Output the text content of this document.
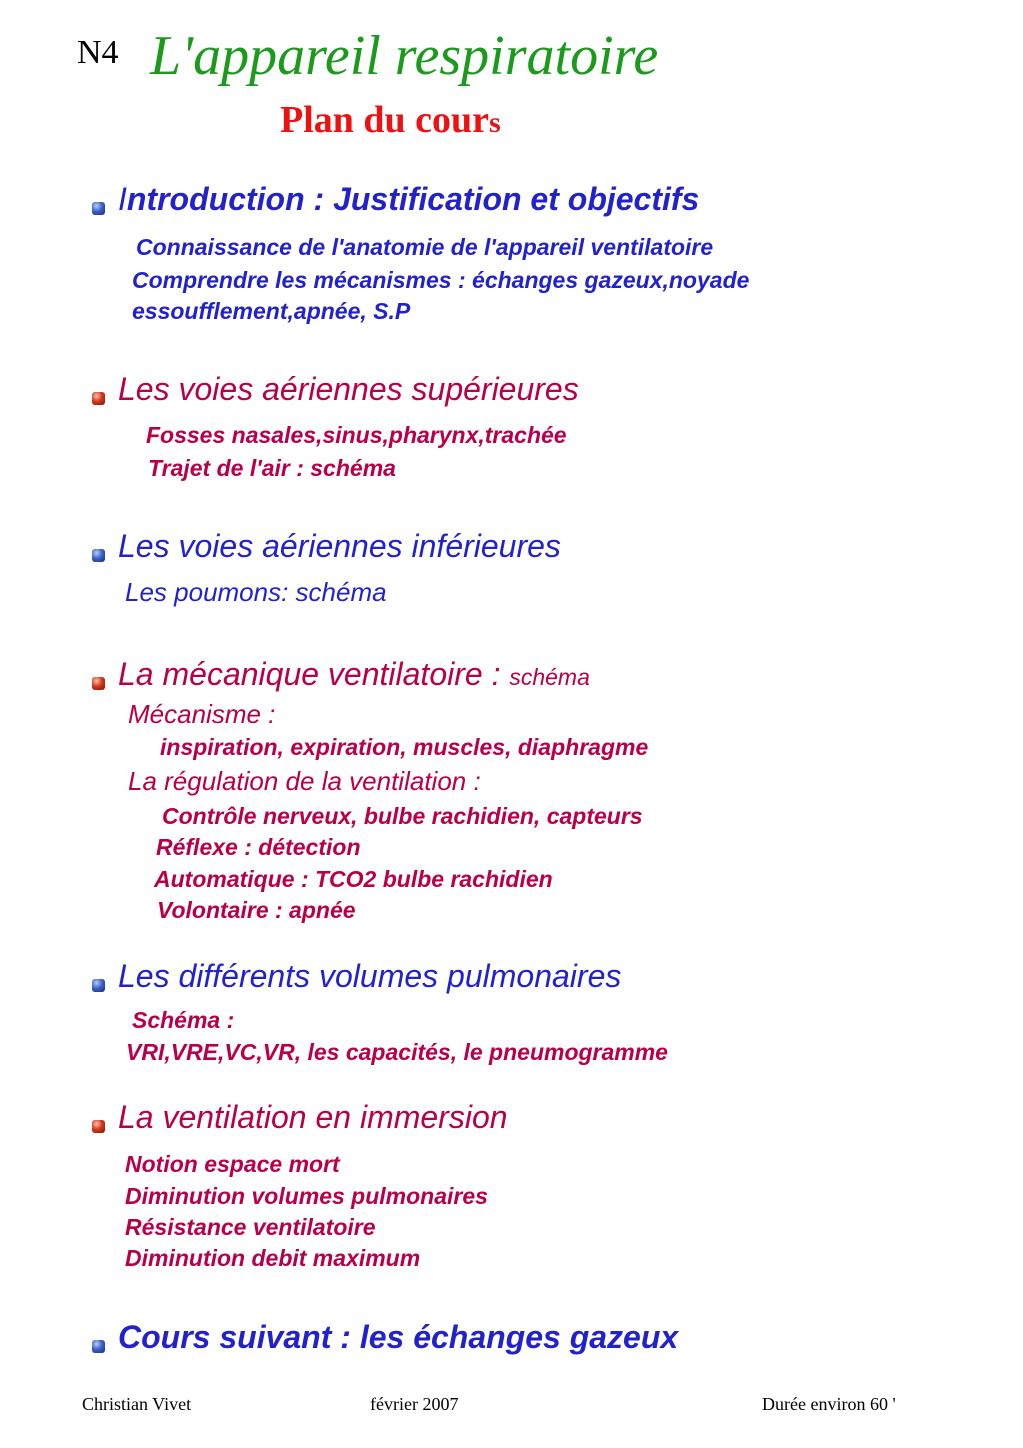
N4 L'appareil respiratoire
Plan du cours
Introduction : Justification et objectifs
Connaissance de l'anatomie de l'appareil ventilatoire
Comprendre les mécanismes : échanges gazeux,noyade
essoufflement,apnée, S.P
Les voies aériennes supérieures
Fosses nasales,sinus,pharynx,trachée
Trajet de l'air : schéma
Les voies aériennes inférieures
Les poumons: schéma
La mécanique ventilatoire : schéma
Mécanisme :
inspiration, expiration, muscles, diaphragme
La régulation de la ventilation :
Contrôle nerveux, bulbe rachidien, capteurs
Réflexe : détection
Automatique : TCO2 bulbe rachidien
Volontaire : apnée
Les différents volumes pulmonaires
Schéma :
VRI,VRE,VC,VR, les capacités, le pneumogramme
La ventilation en immersion
Notion espace mort
Diminution volumes pulmonaires
Résistance ventilatoire
Diminution debit maximum
Cours suivant : les échanges gazeux
Christian Vivet	février 2007	Durée environ 60 '
